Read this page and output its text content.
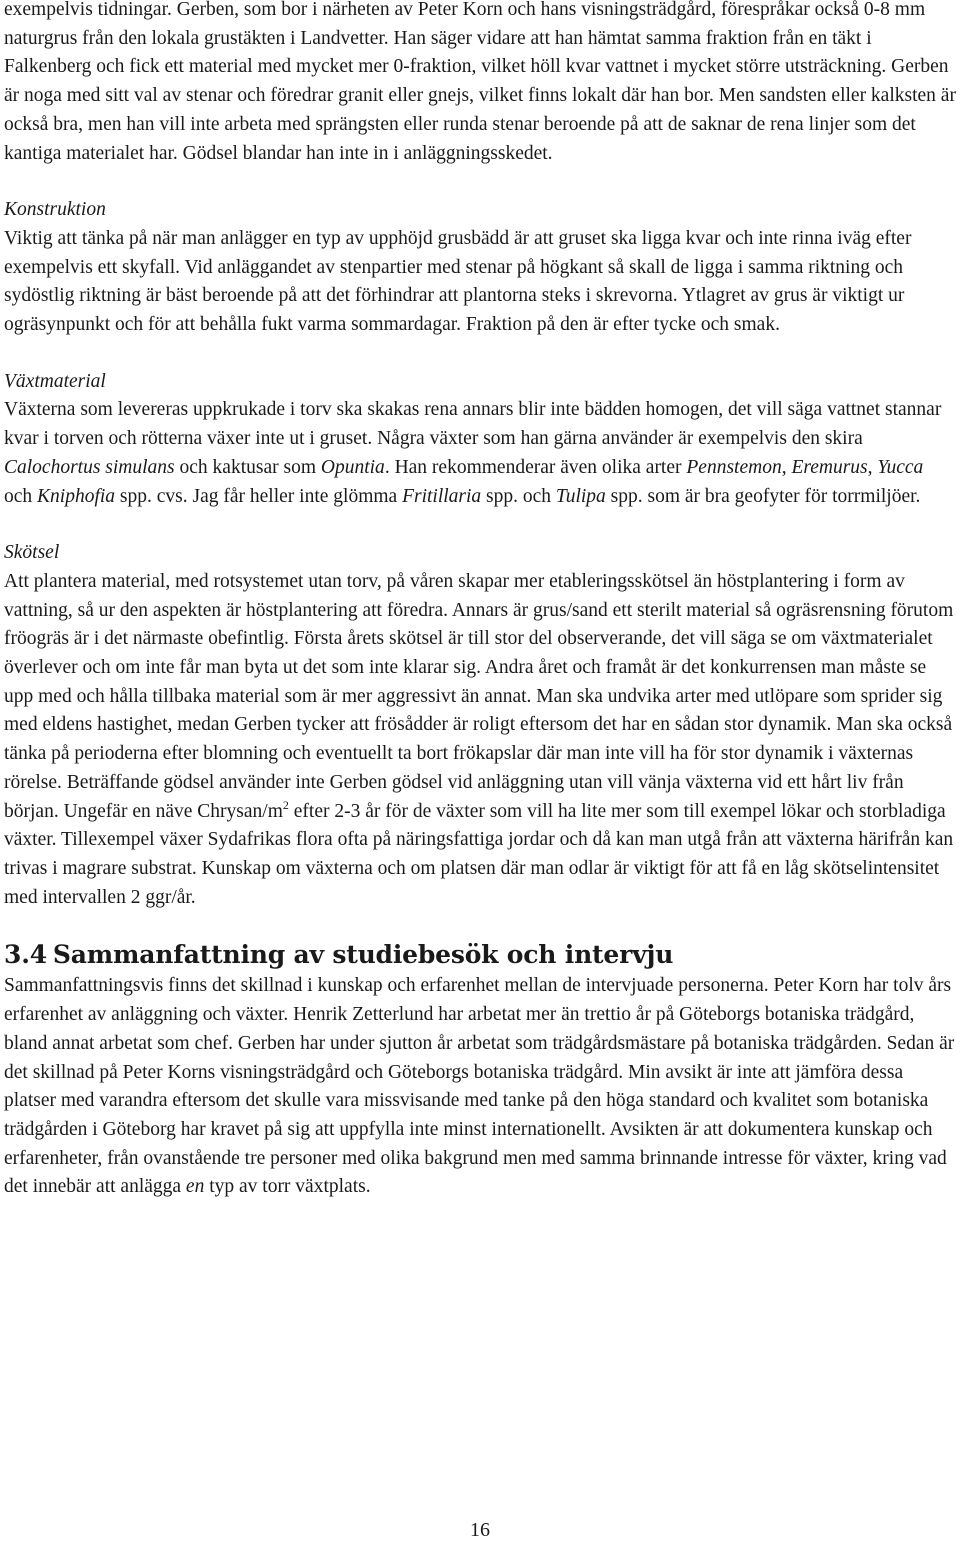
exempelvis tidningar. Gerben, som bor i närheten av Peter Korn och hans visningsträdgård, förespråkar också 0-8 mm naturgrus från den lokala grustäkten i Landvetter. Han säger vidare att han hämtat samma fraktion från en täkt i Falkenberg och fick ett material med mycket mer 0-fraktion, vilket höll kvar vattnet i mycket större utsträckning. Gerben är noga med sitt val av stenar och föredrar granit eller gnejs, vilket finns lokalt där han bor. Men sandsten eller kalksten är också bra, men han vill inte arbeta med sprängsten eller runda stenar beroende på att de saknar de rena linjer som det kantiga materialet har. Gödsel blandar han inte in i anläggningsskedet.

Konstruktion

Viktig att tänka på när man anlägger en typ av upphöjd grusbädd är att gruset ska ligga kvar och inte rinna iväg efter exempelvis ett skyfall. Vid anläggandet av stenpartier med stenar på högkant så skall de ligga i samma riktning och sydöstlig riktning är bäst beroende på att det förhindrar att plantorna steks i skrevorna. Ytlagret av grus är viktigt ur ogräsynpunkt och för att behålla fukt varma sommardagar. Fraktion på den är efter tycke och smak.

Växtmaterial

Växterna som levereras uppkrukade i torv ska skakas rena annars blir inte bädden homogen, det vill säga vattnet stannar kvar i torven och rötterna växer inte ut i gruset. Några växter som han gärna använder är exempelvis den skira Calochortus simulans och kaktusar som Opuntia. Han rekommenderar även olika arter Pennstemon, Eremurus, Yucca och Kniphofia spp. cvs. Jag får heller inte glömma Fritillaria spp. och Tulipa spp. som är bra geofyter för torrmiljöer.

Skötsel

Att plantera material, med rotsystemet utan torv, på våren skapar mer etableringsskötsel än höstplantering i form av vattning, så ur den aspekten är höstplantering att föredra. Annars är grus/sand ett sterilt material så ogräsrensning förutom fröogräs är i det närmaste obefintlig. Första årets skötsel är till stor del observerande, det vill säga se om växtmaterialet överlever och om inte får man byta ut det som inte klarar sig. Andra året och framåt är det konkurrensen man måste se upp med och hålla tillbaka material som är mer aggressivt än annat. Man ska undvika arter med utlöpare som sprider sig med eldens hastighet, medan Gerben tycker att frösådder är roligt eftersom det har en sådan stor dynamik. Man ska också tänka på perioderna efter blomning och eventuellt ta bort frökapslar där man inte vill ha för stor dynamik i växternas rörelse. Beträffande gödsel använder inte Gerben gödsel vid anläggning utan vill vänja växterna vid ett hårt liv från början. Ungefär en näve Chrysan/$m^2$ efter 2-3 år för de växter som vill ha lite mer som till exempel lökar och storbladiga växter. Tillexempel växer Sydafrikas flora ofta på näringsfattiga jordar och då kan man utgå från att växterna härifrån kan trivas i magrare substrat. Kunskap om växterna och om platsen där man odlar är viktigt för att få en låg skötselintensitet med intervallen 2 ggr/år.

3.4 Sammanfattning av studiebesök och intervju

Sammanfattningsvis finns det skillnad i kunskap och erfarenhet mellan de intervjuade personerna. Peter Korn har tolv års erfarenhet av anläggning och växter. Henrik Zetterlund har arbetat mer än trettio år på Göteborgs botaniska trädgård, bland annat arbetat som chef. Gerben har under sjutton år arbetat som trädgårdsmästare på botaniska trädgården. Sedan är det skillnad på Peter Korns visningsträdgård och Göteborgs botaniska trädgård. Min avsikt är inte att jämföra dessa platser med varandra eftersom det skulle vara missvisande med tanke på den höga standard och kvalitet som botaniska trädgården i Göteborg har kravet på sig att uppfylla inte minst internationellt. Avsikten är att dokumentera kunskap och erfarenheter, från ovanstående tre personer med olika bakgrund men med samma brinnande intresse för växter, kring vad det innebär att anlägga en typ av torr växtplats.

16
